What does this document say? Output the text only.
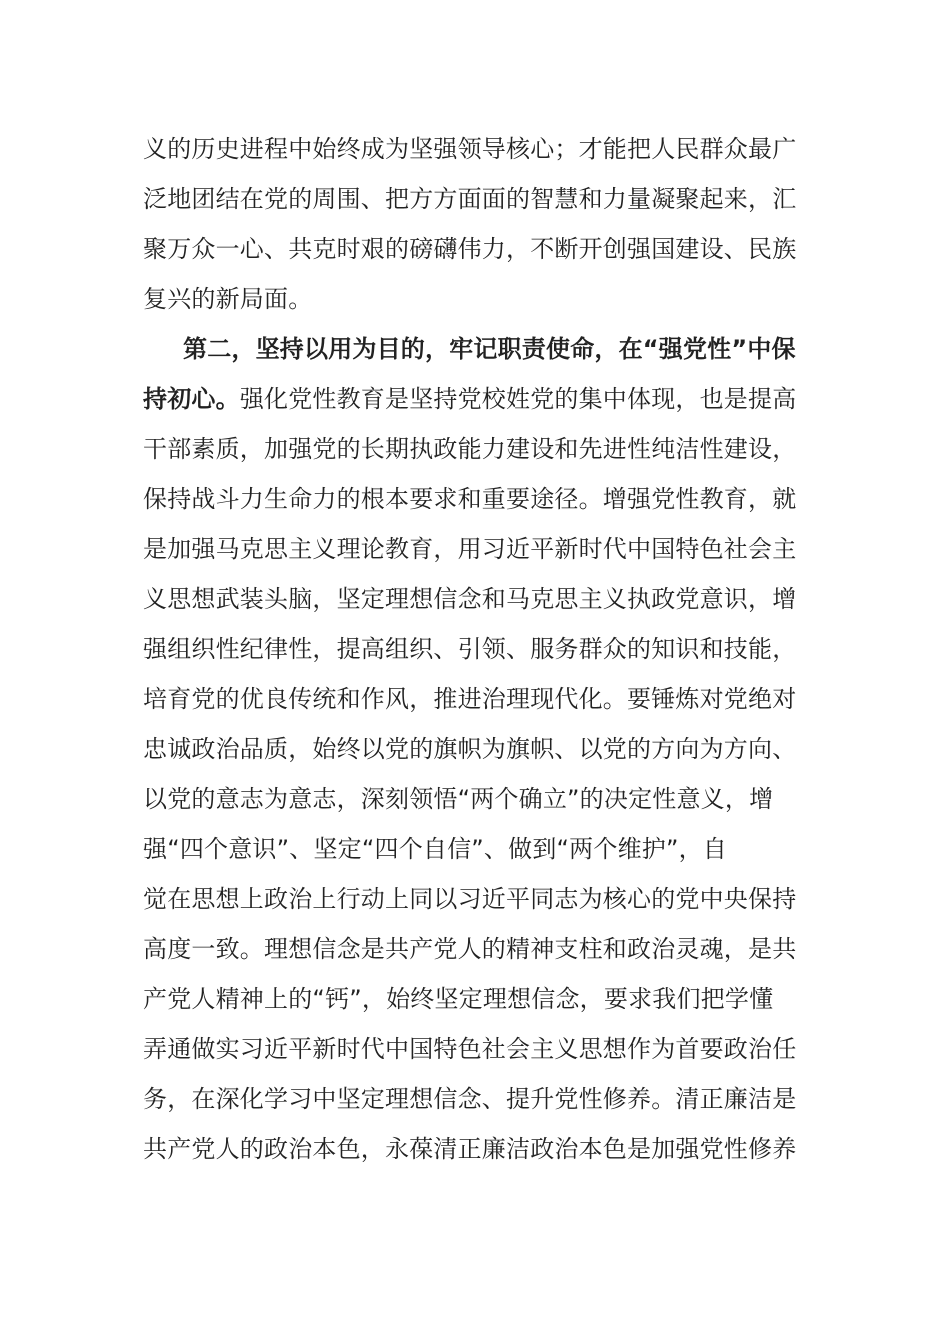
义的历史进程中始终成为坚强领导核心；才能把人民群众最广
泛地团结在党的周围、把方方面面的智慧和力量凝聚起来，汇
聚万众一心、共克时艰的磅礴伟力，不断开创强国建设、民族
复兴的新局面。
第二，坚持以用为目的，牢记职责使命，在“强党性”中保
持初心。强化党性教育是坚持党校姓党的集中体现，也是提高
干部素质，加强党的长期执政能力建设和先进性纯洁性建设，
保持战斗力生命力的根本要求和重要途径。增强党性教育，就
是加强马克思主义理论教育，用习近平新时代中国特色社会主
义思想武装头脑，坚定理想信念和马克思主义执政党意识，增
强组织性纪律性，提高组织、引领、服务群众的知识和技能，
培育党的优良传统和作风，推进治理现代化。要锤炼对党绝对
忠诚政治品质，始终以党的旗帜为旗帜、以党的方向为方向、
以党的意志为意志，深刻领悟“两个确立”的决定性意义，增
强“四个意识”、坚定“四个自信”、做到“两个维护”，自
觉在思想上政治上行动上同以习近平同志为核心的党中央保持
高度一致。理想信念是共产党人的精神支柱和政治灵魂，是共
产党人精神上的“钙”，始终坚定理想信念，要求我们把学懂
弄通做实习近平新时代中国特色社会主义思想作为首要政治任
务，在深化学习中坚定理想信念、提升党性修养。清正廉洁是
共产党人的政治本色，永葆清正廉洁政治本色是加强党性修养
